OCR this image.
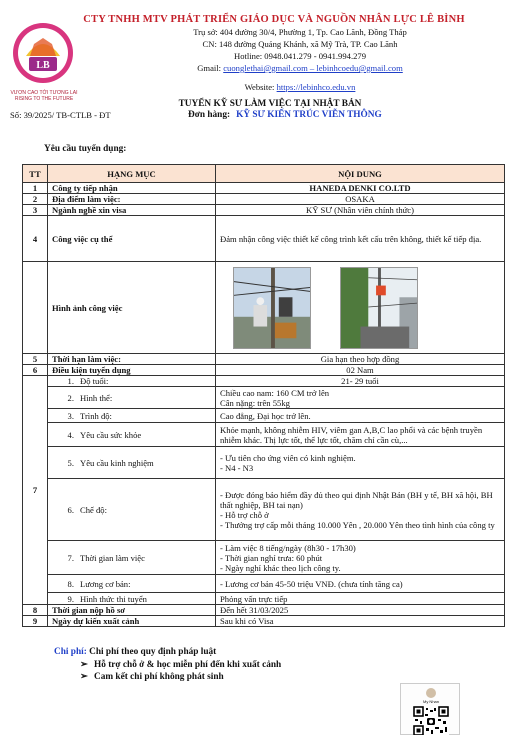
LB
VƯƠN CAO TỚI TƯƠNG LAI
RISING TO THE FUTURE
CTY TNHH MTV PHÁT TRIỂN GIÁO DỤC VÀ NGUỒN NHÂN LỰC LÊ BÌNH
Trụ sở: 404 đường 30/4, Phường 1, Tp. Cao Lãnh, Đồng Tháp
CN: 148 đường Quảng Khánh, xã Mỹ Trà, TP. Cao Lãnh
Hotline: 0948.041.279 - 0941.994.279
Gmail: cuonglethai@gmail.com – lebinhcoedu@gmail.com
Website: https://lebinhco.edu.vn
TUYỂN KỸ SƯ LÀM VIỆC TẠI NHẬT BẢN
Số: 39/2025/ TB-CTLB - ĐT	Đơn hàng: KỸ SƯ KIẾN TRÚC VIỄN THÔNG
Yêu cầu tuyển dụng:
TT	HẠNG MỤC	NỘI DUNG
1	Công ty tiếp nhận	HANEDA DENKI CO.LTD
2	Địa điểm làm việc:	OSAKA
3	Ngành nghề xin visa	KỸ SƯ (Nhân viên chính thức)
4	Công việc cụ thể	Đảm nhận công việc thiết kế công trình kết cấu trên không, thiết kế tiếp địa.
	Hình ảnh công việc	

5	Thời hạn làm việc:	Gia hạn theo hợp đồng
6	Điều kiện tuyển dụng	02 Nam
7	1. Độ tuổi:	21- 29 tuổi
	2. Hình thể:	Chiều cao nam: 160 CM trở lên
Cân nặng: trên 55kg

	3. Trình độ:	Cao đẳng, Đại học trở lên.
	4. Yêu cầu sức khỏe	Khỏe mạnh, không nhiễm HIV, viêm gan A,B,C lao phổi và các bệnh truyền nhiễm khác. Thị lực tốt, thể lực tốt, chăm chỉ cần cù,...
	5. Yêu cầu kinh nghiệm	- Ưu tiên cho ứng viên có kinh nghiệm.
- N4 - N3

	6. Chế độ:	- Được đóng bảo hiểm đầy đủ theo qui định Nhật Bản (BH y tế, BH xã hội, BH thất nghiệp, BH tai nạn)
- Hỗ trợ chỗ ở
- Thưởng trợ cấp mỗi tháng 10.000 Yên , 20.000 Yên theo tình hình của công ty

	7. Thời gian làm việc	- Làm việc 8 tiếng/ngày (8h30 - 17h30)
- Thời gian nghỉ trưa: 60 phút
- Ngày nghỉ khác theo lịch công ty.

	8. Lương cơ bản:	- Lương cơ bản 45-50 triệu VNĐ. (chưa tính tăng ca)
	9. Hình thức thi tuyển	Phỏng vấn trực tiếp
8	Thời gian nộp hồ sơ	Đến hết 31/03/2025
9	Ngày dự kiến xuất cảnh	Sau khi có Visa
Chi phí: Chi phí theo quy định pháp luật
➢ Hỗ trợ chỗ ở & học miễn phí đến khi xuất cảnh
➢ Cam kết chi phí không phát sinh
My Nhan
